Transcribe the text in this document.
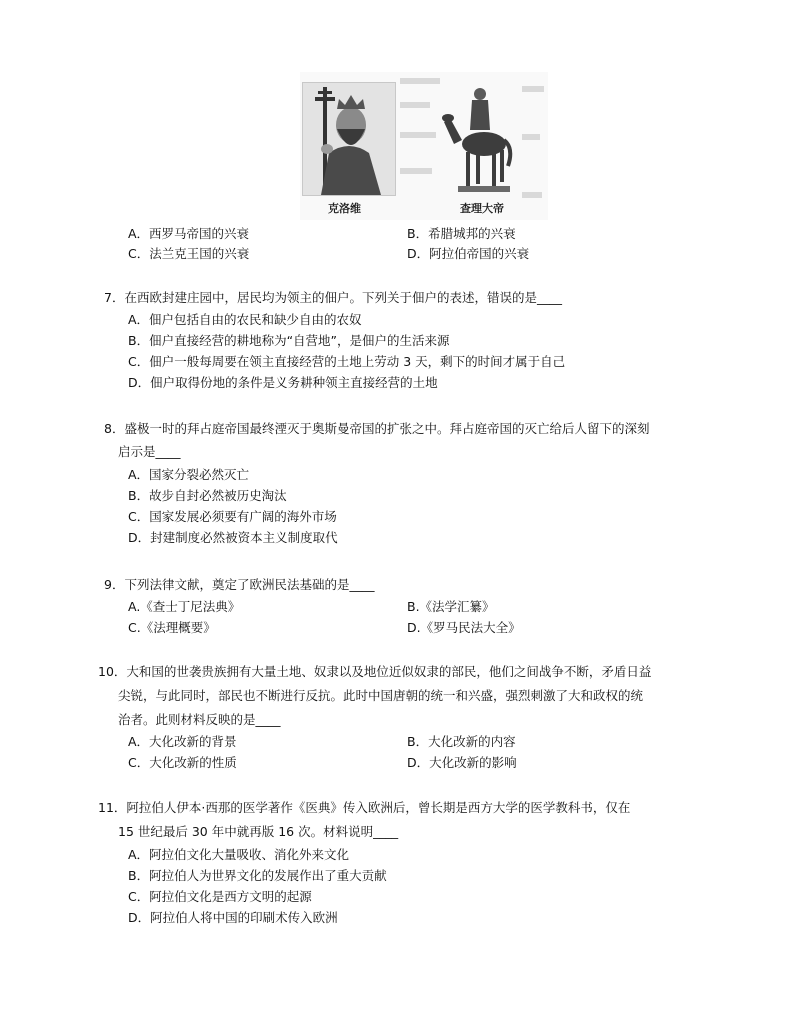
克洛维	查理大帝
A．西罗马帝国的兴衰	B．希腊城邦的兴衰
C．法兰克王国的兴衰	D．阿拉伯帝国的兴衰
7．在西欧封建庄园中，居民均为领主的佃户。下列关于佃户的表述，错误的是____
A．佃户包括自由的农民和缺少自由的农奴
B．佃户直接经营的耕地称为“自营地”，是佃户的生活来源
C．佃户一般每周要在领主直接经营的土地上劳动 3 天，剩下的时间才属于自己
D．佃户取得份地的条件是义务耕种领主直接经营的土地
8．盛极一时的拜占庭帝国最终湮灭于奥斯曼帝国的扩张之中。拜占庭帝国的灭亡给后人留下的深刻
启示是____
A．国家分裂必然灭亡
B．故步自封必然被历史淘汰
C．国家发展必须要有广阔的海外市场
D．封建制度必然被资本主义制度取代
9．下列法律文献，奠定了欧洲民法基础的是____
A.《查士丁尼法典》	B.《法学汇纂》
C.《法理概要》	D.《罗马民法大全》
10．大和国的世袭贵族拥有大量土地、奴隶以及地位近似奴隶的部民，他们之间战争不断，矛盾日益
尖锐，与此同时，部民也不断进行反抗。此时中国唐朝的统一和兴盛，强烈刺激了大和政权的统
治者。此则材料反映的是____
A．大化改新的背景	B．大化改新的内容
C．大化改新的性质	D．大化改新的影响
11．阿拉伯人伊本·西那的医学著作《医典》传入欧洲后，曾长期是西方大学的医学教科书，仅在
15 世纪最后 30 年中就再版 16 次。材料说明____
A．阿拉伯文化大量吸收、消化外来文化
B．阿拉伯人为世界文化的发展作出了重大贡献
C．阿拉伯文化是西方文明的起源
D．阿拉伯人将中国的印刷术传入欧洲
